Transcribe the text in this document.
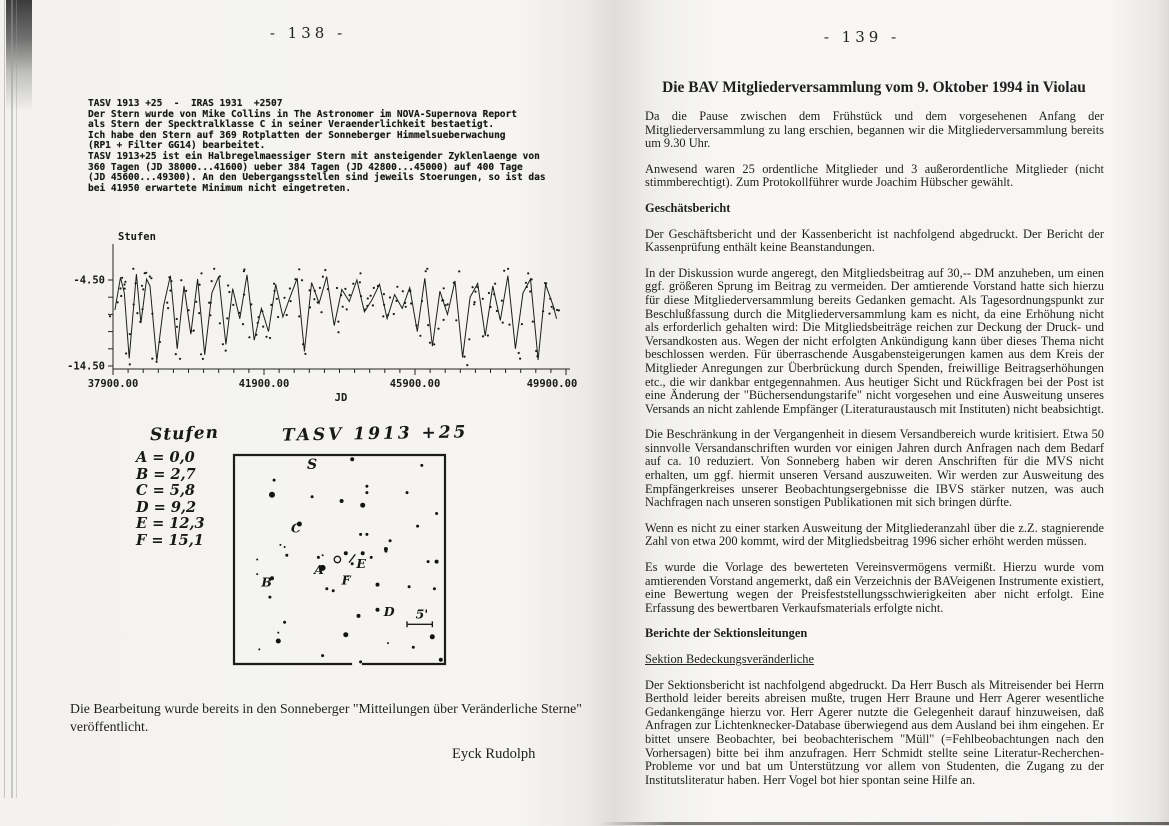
- 138 -
TASV 1913 +25  -  IRAS 1931  +2507
Der Stern wurde von Mike Collins in The Astronomer im NOVA-Supernova Report
als Stern der Specktralklasse C in seiner Veraenderlichkeit bestaetigt.
Ich habe den Stern auf 369 Rotplatten der Sonneberger Himmelsueberwachung
(RP1 + Filter GG14) bearbeitet.
TASV 1913+25 ist ein Halbregelmaessiger Stern mit ansteigender Zyklenlaenge von
360 Tagen (JD 38000...41600) ueber 384 Tagen (JD 42800...45000) auf 400 Tage
(JD 45600...49300). An den Uebergangsstellen sind jeweils Stoerungen, so ist das
bei 41950 erwartete Minimum nicht eingetreten.
-4.50
-14.50
37900.00	41900.00	45900.00	49900.00
Stufen
JD
Stufen	TASV 1913 +25
A = 0,0
B = 2,7
C = 5,8
D = 9,2
E = 12,3
F = 15,1
S
C
A	E
F
B
D 5'
Die Bearbeitung wurde bereits in den Sonneberger "Mitteilungen über Veränderliche Sterne" veröffentlicht.
Eyck Rudolph
- 139 -
Die BAV Mitgliederversammlung vom 9. Oktober 1994 in Violau
Da die Pause zwischen dem Frühstück und dem vorgesehenen Anfang der Mitgliederversammlung zu lang erschien, begannen wir die Mitgliederversammlung bereits um 9.30 Uhr.
Anwesend waren 25 ordentliche Mitglieder und 3 außerordentliche Mitglieder (nicht stimmberechtigt). Zum Protokollführer wurde Joachim Hübscher gewählt.
Geschätsbericht
Der Geschäftsbericht und der Kassenbericht ist nachfolgend abgedruckt. Der Bericht der Kassenprüfung enthält keine Beanstandungen.
In der Diskussion wurde angeregt, den Mitgliedsbeitrag auf 30,-- DM anzuheben, um einen ggf. größeren Sprung im Beitrag zu vermeiden. Der amtierende Vorstand hatte sich hierzu für diese Mitgliederversammlung bereits Gedanken gemacht. Als Tagesordnungspunkt zur Beschlußfassung durch die Mitgliederversammlung kam es nicht, da eine Erhöhung nicht als erforderlich gehalten wird: Die Mitgliedsbeiträge reichen zur Deckung der Druck- und Versandkosten aus. Wegen der nicht erfolgten Ankündigung kann über dieses Thema nicht beschlossen werden. Für überraschende Ausgabensteigerungen kamen aus dem Kreis der Mitglieder Anregungen zur Überbrückung durch Spenden, freiwillige Beitragserhöhungen etc., die wir dankbar entgegennahmen. Aus heutiger Sicht und Rückfragen bei der Post ist eine Änderung der "Büchersendungstarife" nicht vorgesehen und eine Ausweitung unseres Versands an nicht zahlende Empfänger (Literaturaustausch mit Instituten) nicht beabsichtigt.
Die Beschränkung in der Vergangenheit in diesem Versandbereich wurde kritisiert. Etwa 50 sinnvolle Versandanschriften wurden vor einigen Jahren durch Anfragen nach dem Bedarf auf ca. 10 reduziert. Von Sonneberg haben wir deren Anschriften für die MVS nicht erhalten, um ggf. hiermit unseren Versand auszuweiten. Wir werden zur Ausweitung des Empfängerkreises unserer Beobachtungsergebnisse die IBVS stärker nutzen, was auch Nachfragen nach unseren sonstigen Publikationen mit sich bringen dürfte.
Wenn es nicht zu einer starken Ausweitung der Mitgliederanzahl über die z.Z. stagnierende Zahl von etwa 200 kommt, wird der Mitgliedsbeitrag 1996 sicher erhöht werden müssen.
Es wurde die Vorlage des bewerteten Vereinsvermögens vermißt. Hierzu wurde vom amtierenden Vorstand angemerkt, daß ein Verzeichnis der BAVeigenen Instrumente existiert, eine Bewertung wegen der Preisfeststellungsschwierigkeiten aber nicht erfolgt. Eine Erfassung des bewertbaren Verkaufsmaterials erfolgte nicht.
Berichte der Sektionsleitungen
Sektion Bedeckungsveränderliche
Der Sektionsbericht ist nachfolgend abgedruckt. Da Herr Busch als Mitreisender bei Herrn Berthold leider bereits abreisen mußte, trugen Herr Braune und Herr Agerer wesentliche Gedankengänge hierzu vor. Herr Agerer nutzte die Gelegenheit darauf hinzuweisen, daß Anfragen zur Lichtenknecker-Database überwiegend aus dem Ausland bei ihm eingehen. Er bittet unsere Beobachter, bei beobachterischem "Müll" (=Fehlbeobachtungen nach den Vorhersagen) bitte bei ihm anzufragen. Herr Schmidt stellte seine Literatur-Recherchen-Probleme vor und bat um Unterstützung vor allem von Studenten, die Zugang zu der Institutsliteratur haben. Herr Vogel bot hier spontan seine Hilfe an.
